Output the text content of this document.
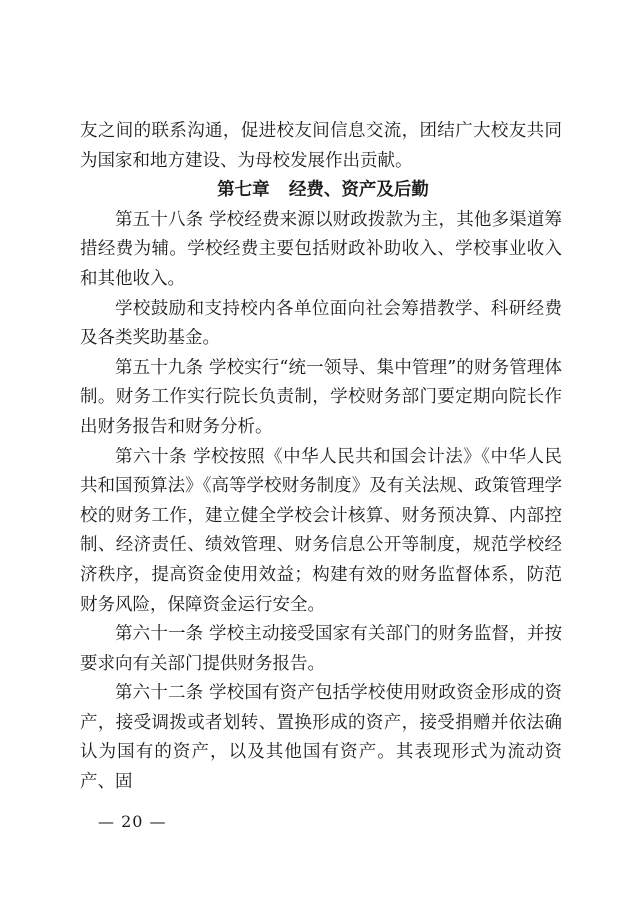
友之间的联系沟通，促进校友间信息交流，团结广大校友共同为国家和地方建设、为母校发展作出贡献。

第七章 经费、资产及后勤

第五十八条 学校经费来源以财政拨款为主，其他多渠道筹措经费为辅。学校经费主要包括财政补助收入、学校事业收入和其他收入。

学校鼓励和支持校内各单位面向社会筹措教学、科研经费及各类奖助基金。

第五十九条 学校实行“统一领导、集中管理”的财务管理体制。财务工作实行院长负责制，学校财务部门要定期向院长作出财务报告和财务分析。

第六十条 学校按照《中华人民共和国会计法》《中华人民共和国预算法》《高等学校财务制度》及有关法规、政策管理学校的财务工作，建立健全学校会计核算、财务预决算、内部控制、经济责任、绩效管理、财务信息公开等制度，规范学校经济秩序，提高资金使用效益；构建有效的财务监督体系，防范财务风险，保障资金运行安全。

第六十一条 学校主动接受国家有关部门的财务监督，并按要求向有关部门提供财务报告。

第六十二条 学校国有资产包括学校使用财政资金形成的资产，接受调拨或者划转、置换形成的资产，接受捐赠并依法确认为国有的资产，以及其他国有资产。其表现形式为流动资产、固

— 20 —
